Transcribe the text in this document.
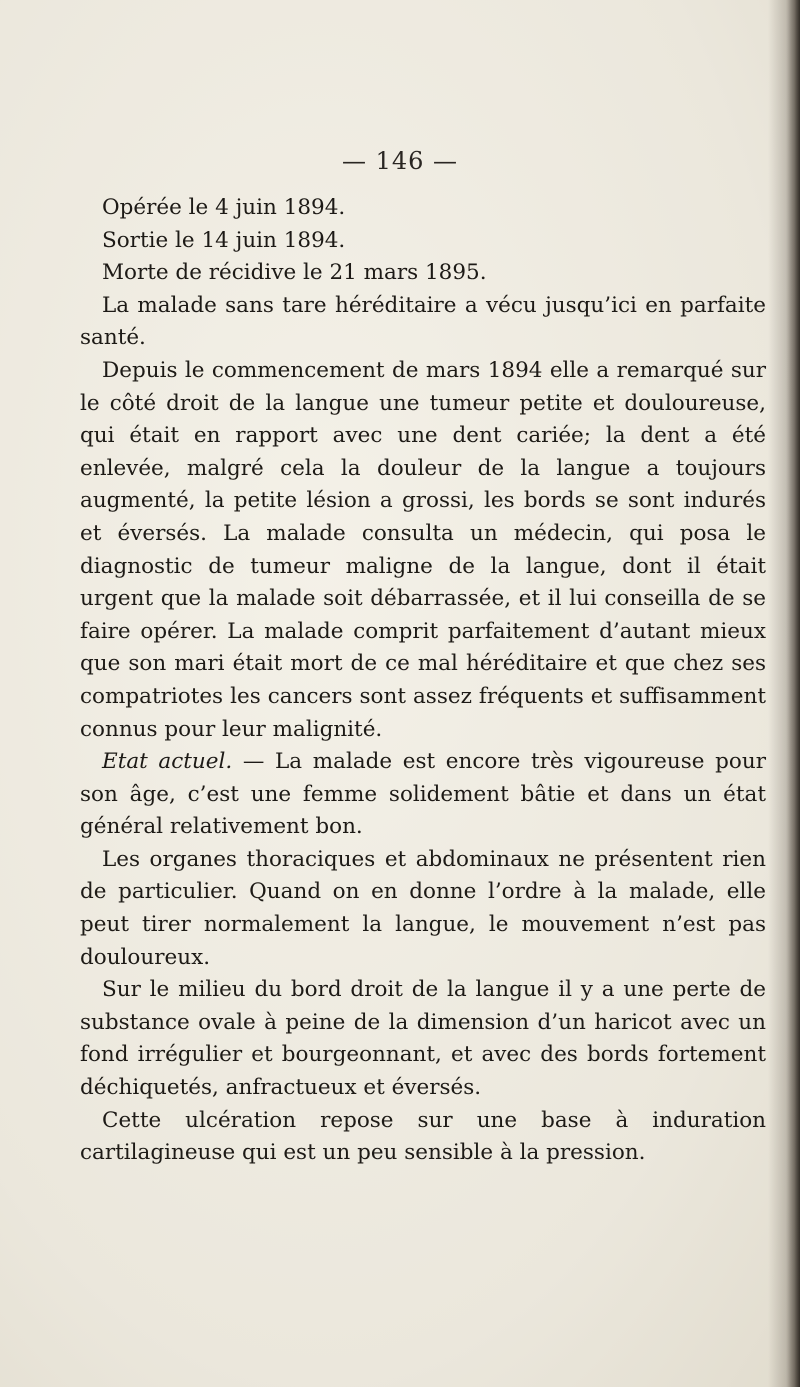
— 146 —

Opérée le 4 juin 1894.

Sortie le 14 juin 1894.

Morte de récidive le 21 mars 1895.

La malade sans tare héréditaire a vécu jusqu’ici en parfaite santé.

Depuis le commencement de mars 1894 elle a remarqué sur le côté droit de la langue une tumeur petite et douloureuse, qui était en rapport avec une dent cariée; la dent a été enlevée, malgré cela la douleur de la langue a toujours augmenté, la petite lésion a grossi, les bords se sont indurés et éversés. La malade consulta un médecin, qui posa le diagnostic de tumeur maligne de la langue, dont il était urgent que la malade soit débarrassée, et il lui conseilla de se faire opérer. La malade comprit parfaitement d’autant mieux que son mari était mort de ce mal héréditaire et que chez ses compatriotes les cancers sont assez fréquents et suffisamment connus pour leur malignité.

Etat actuel. — La malade est encore très vigoureuse pour son âge, c’est une femme solidement bâtie et dans un état général relativement bon.

Les organes thoraciques et abdominaux ne présentent rien de particulier. Quand on en donne l’ordre à la malade, elle peut tirer normalement la langue, le mouvement n’est pas douloureux.

Sur le milieu du bord droit de la langue il y a une perte de substance ovale à peine de la dimension d’un haricot avec un fond irrégulier et bourgeonnant, et avec des bords fortement déchiquetés, anfractueux et éversés.

Cette ulcération repose sur une base à induration cartilagineuse qui est un peu sensible à la pression.
